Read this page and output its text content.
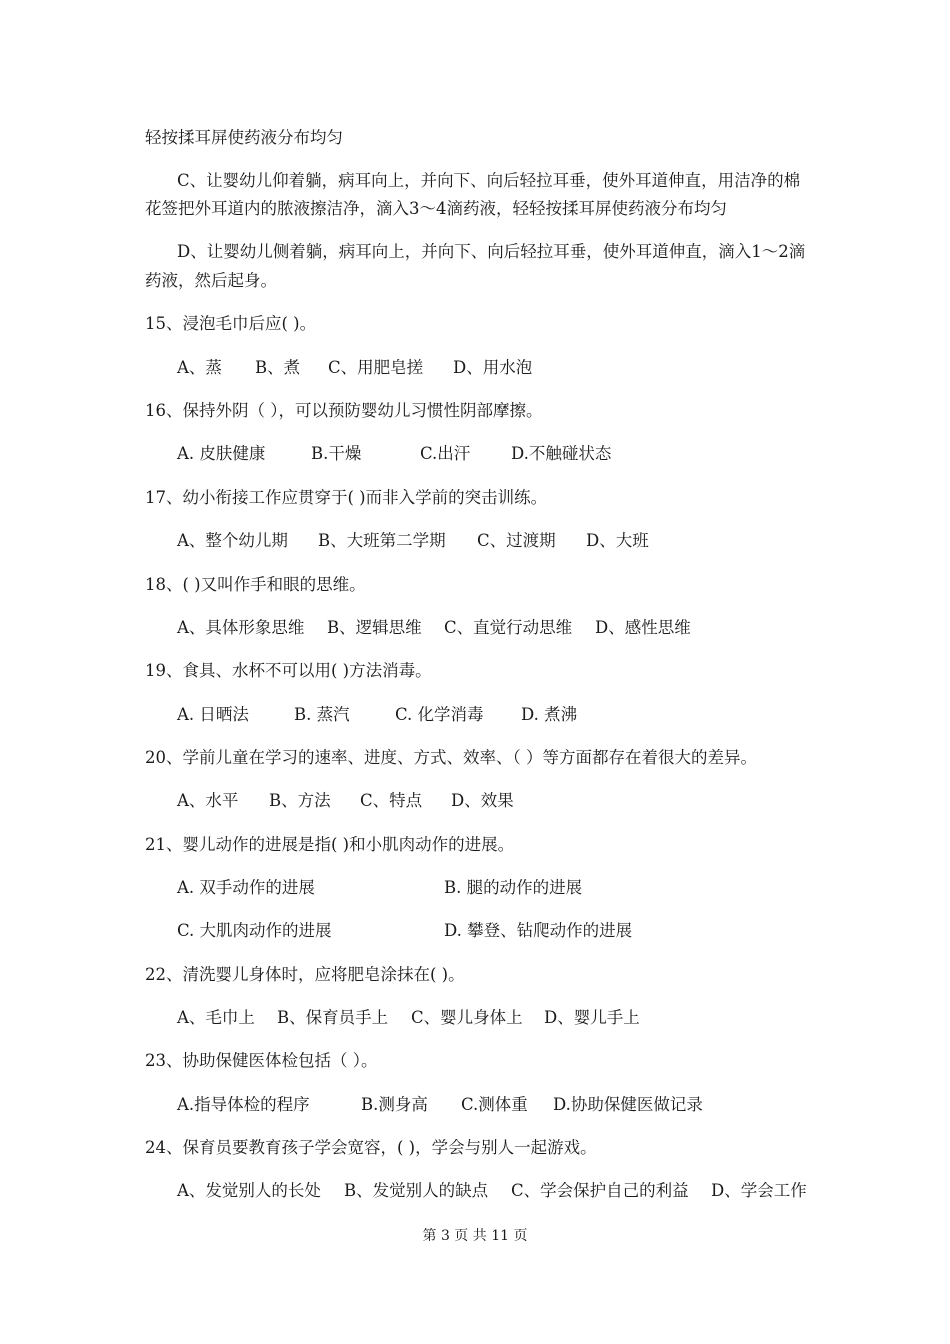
轻按揉耳屏使药液分布均匀
C、让婴幼儿仰着躺，病耳向上，并向下、向后轻拉耳垂，使外耳道伸直，用洁净的棉
花签把外耳道内的脓液擦洁净，滴入3～4滴药液，轻轻按揉耳屏使药液分布均匀
D、让婴幼儿侧着躺，病耳向上，并向下、向后轻拉耳垂，使外耳道伸直，滴入1～2滴
药液，然后起身。
15、浸泡毛巾后应( )。
A、蒸 B、煮 C、用肥皂搓 D、用水泡
16、保持外阴（ ），可以预防婴幼儿习惯性阴部摩擦。
A. 皮肤健康	B.干燥	C.出汗 D.不触碰状态
17、幼小衔接工作应贯穿于( )而非入学前的突击训练。
A、整个幼儿期 B、大班第二学期 C、过渡期 D、大班
18、( )又叫作手和眼的思维。
A、具体形象思维 B、逻辑思维 C、直觉行动思维 D、感性思维
19、食具、水杯不可以用( )方法消毒。
A. 日晒法	B. 蒸汽	C. 化学消毒 D. 煮沸
20、学前儿童在学习的速率、进度、方式、效率、（ ）等方面都存在着很大的差异。
A、水平 B、方法 C、特点 D、效果
21、婴儿动作的进展是指( )和小肌肉动作的进展。
A. 双手动作的进展	B. 腿的动作的进展
C. 大肌肉动作的进展	D. 攀登、钻爬动作的进展
22、清洗婴儿身体时，应将肥皂涂抹在( )。
A、毛巾上 B、保育员手上 C、婴儿身体上 D、婴儿手上
23、协助保健医体检包括（ ）。
A.指导体检的程序	B.测身高 C.测体重 D.协助保健医做记录
24、保育员要教育孩子学会宽容，( )，学会与别人一起游戏。
A、发觉别人的长处 B、发觉别人的缺点 C、学会保护自己的利益 D、学会工作
第 3 页 共 11 页
